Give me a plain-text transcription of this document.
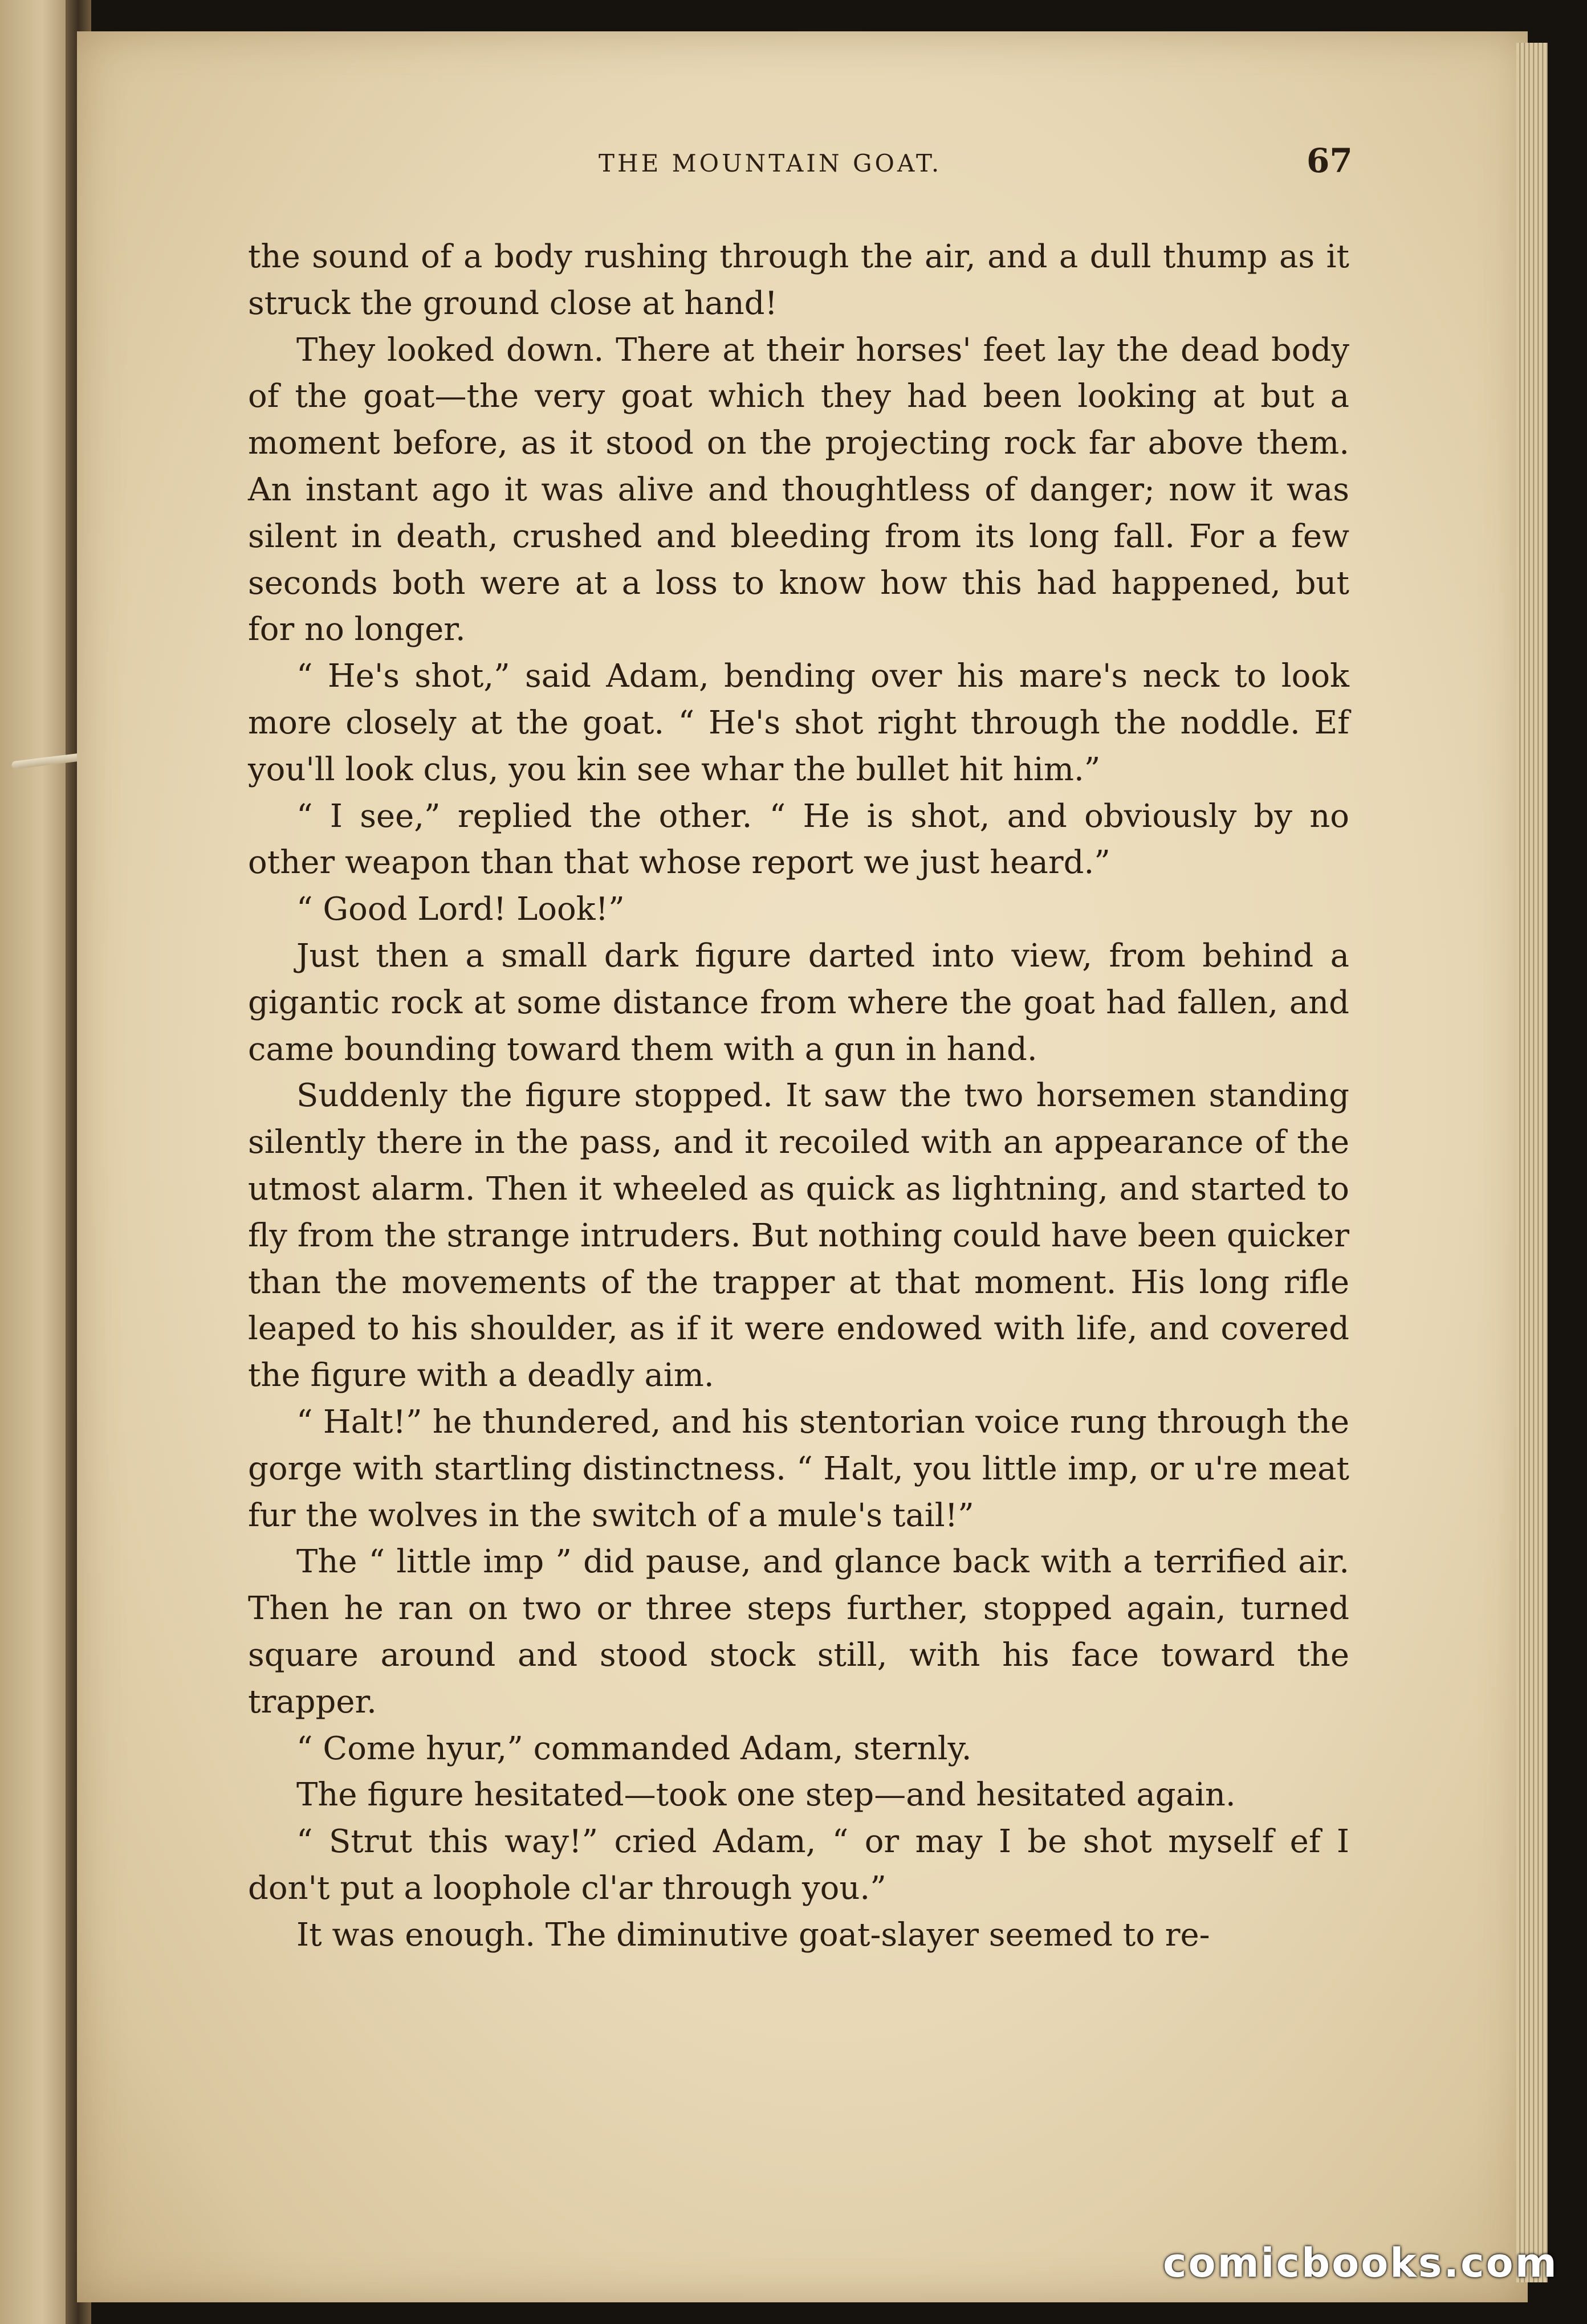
THE MOUNTAIN GOAT.	67

the sound of a body rushing through the air, and a dull thump as it struck the ground close at hand!

They looked down. There at their horses' feet lay the dead body of the goat—the very goat which they had been looking at but a moment before, as it stood on the projecting rock far above them. An instant ago it was alive and thoughtless of danger; now it was silent in death, crushed and bleeding from its long fall. For a few seconds both were at a loss to know how this had happened, but for no longer.

“ He's shot,” said Adam, bending over his mare's neck to look more closely at the goat. “ He's shot right through the noddle. Ef you'll look clus, you kin see whar the bullet hit him.”

“ I see,” replied the other. “ He is shot, and obviously by no other weapon than that whose report we just heard.”

“ Good Lord! Look!”

Just then a small dark figure darted into view, from behind a gigantic rock at some distance from where the goat had fallen, and came bounding toward them with a gun in hand.

Suddenly the figure stopped. It saw the two horsemen standing silently there in the pass, and it recoiled with an appearance of the utmost alarm. Then it wheeled as quick as lightning, and started to fly from the strange intruders. But nothing could have been quicker than the movements of the trapper at that moment. His long rifle leaped to his shoulder, as if it were endowed with life, and covered the figure with a deadly aim.

“ Halt!” he thundered, and his stentorian voice rung through the gorge with startling distinctness. “ Halt, you little imp, or u're meat fur the wolves in the switch of a mule's tail!”

The “ little imp ” did pause, and glance back with a terrified air. Then he ran on two or three steps further, stopped again, turned square around and stood stock still, with his face toward the trapper.

“ Come hyur,” commanded Adam, sternly.

The figure hesitated—took one step—and hesitated again.

“ Strut this way!” cried Adam, “ or may I be shot myself ef I don't put a loophole cl'ar through you.”

It was enough. The diminutive goat-slayer seemed to re-

comicbooks.com
